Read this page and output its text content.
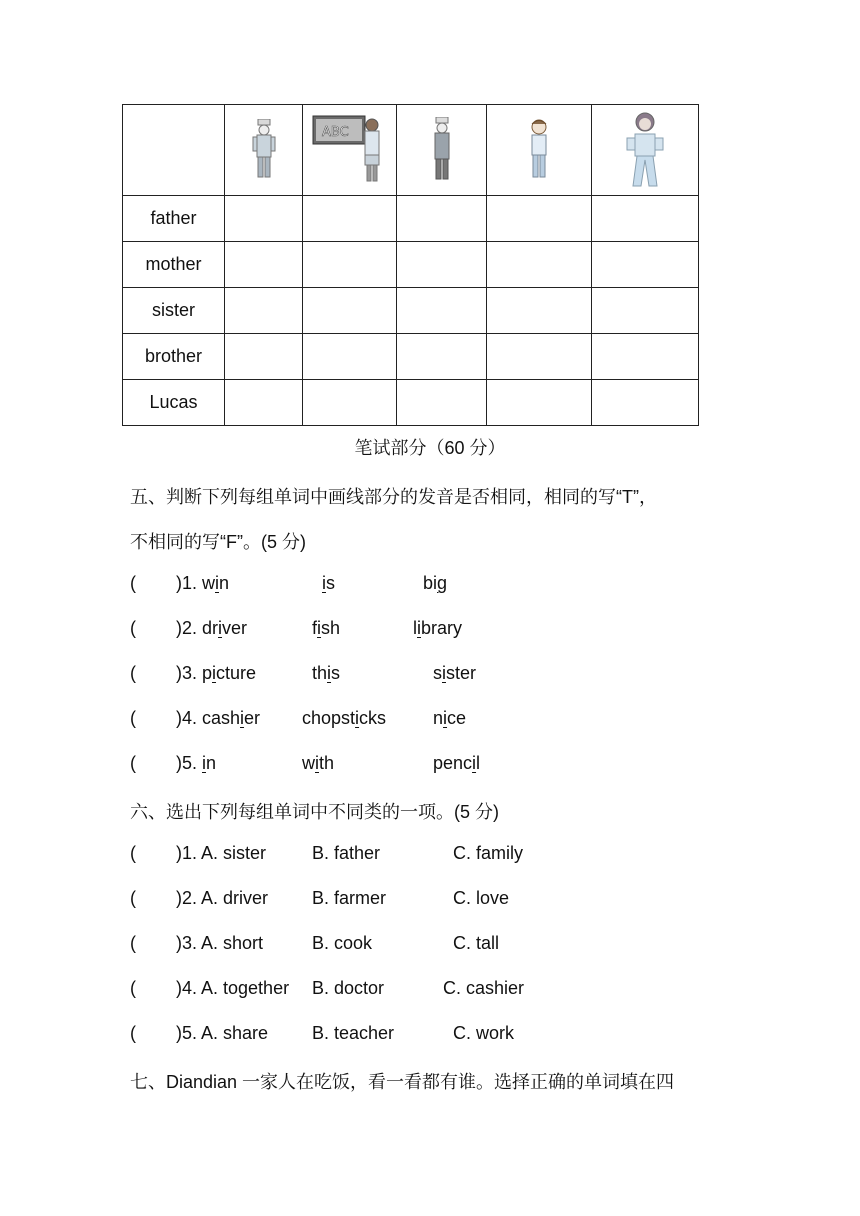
ABC

father					
mother					
sister					
brother					
Lucas					
笔试部分（60 分）
五、判断下列每组单词中画线部分的发音是否相同，相同的写“T”，
不相同的写“F”。(5 分)
( )1. win	is	big
( )2. driver	fish	library
( )3. picture	this	sister
( )4. cashier chopsticks	nice
( )5. in	with	pencil
六、选出下列每组单词中不同类的一项。(5 分)
( )1. A. sister	B. father	C. family
( )2. A. driver B. farmer	C. love
( )3. A. short	B. cook	C. tall
( )4. A. together B. doctor	C. cashier
( )5. A. share B. teacher	C. work
七、Diandian 一家人在吃饭，看一看都有谁。选择正确的单词填在四
